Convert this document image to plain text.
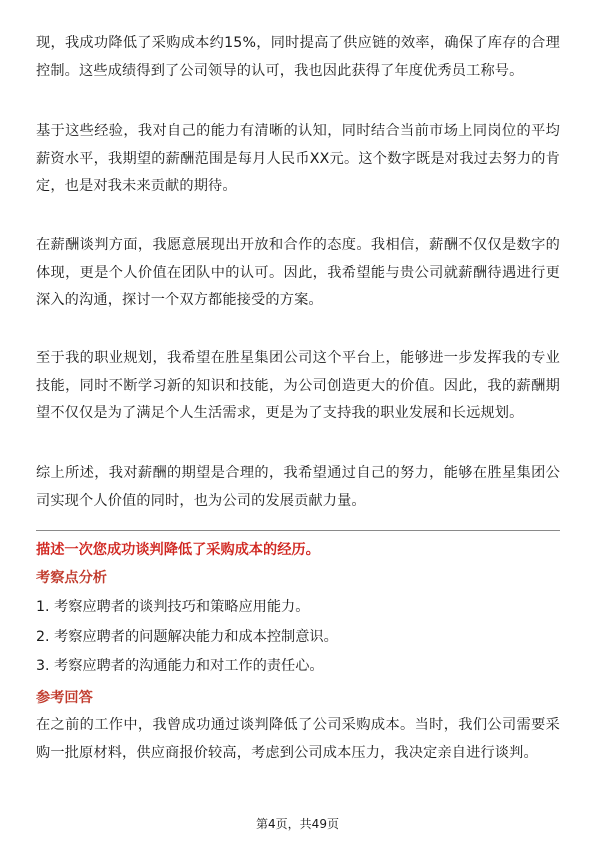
现，我成功降低了采购成本约15%，同时提高了供应链的效率，确保了库存的合理控制。这些成绩得到了公司领导的认可，我也因此获得了年度优秀员工称号。

基于这些经验，我对自己的能力有清晰的认知，同时结合当前市场上同岗位的平均薪资水平，我期望的薪酬范围是每月人民币XX元。这个数字既是对我过去努力的肯定，也是对我未来贡献的期待。

在薪酬谈判方面，我愿意展现出开放和合作的态度。我相信，薪酬不仅仅是数字的体现，更是个人价值在团队中的认可。因此，我希望能与贵公司就薪酬待遇进行更深入的沟通，探讨一个双方都能接受的方案。

至于我的职业规划，我希望在胜星集团公司这个平台上，能够进一步发挥我的专业技能，同时不断学习新的知识和技能，为公司创造更大的价值。因此，我的薪酬期望不仅仅是为了满足个人生活需求，更是为了支持我的职业发展和长远规划。

综上所述，我对薪酬的期望是合理的，我希望通过自己的努力，能够在胜星集团公司实现个人价值的同时，也为公司的发展贡献力量。

描述一次您成功谈判降低了采购成本的经历。

考察点分析
1. 考察应聘者的谈判技巧和策略应用能力。
2. 考察应聘者的问题解决能力和成本控制意识。
3. 考察应聘者的沟通能力和对工作的责任心。
参考回答

在之前的工作中，我曾成功通过谈判降低了公司采购成本。当时，我们公司需要采购一批原材料，供应商报价较高，考虑到公司成本压力，我决定亲自进行谈判。

第4页，共49页
